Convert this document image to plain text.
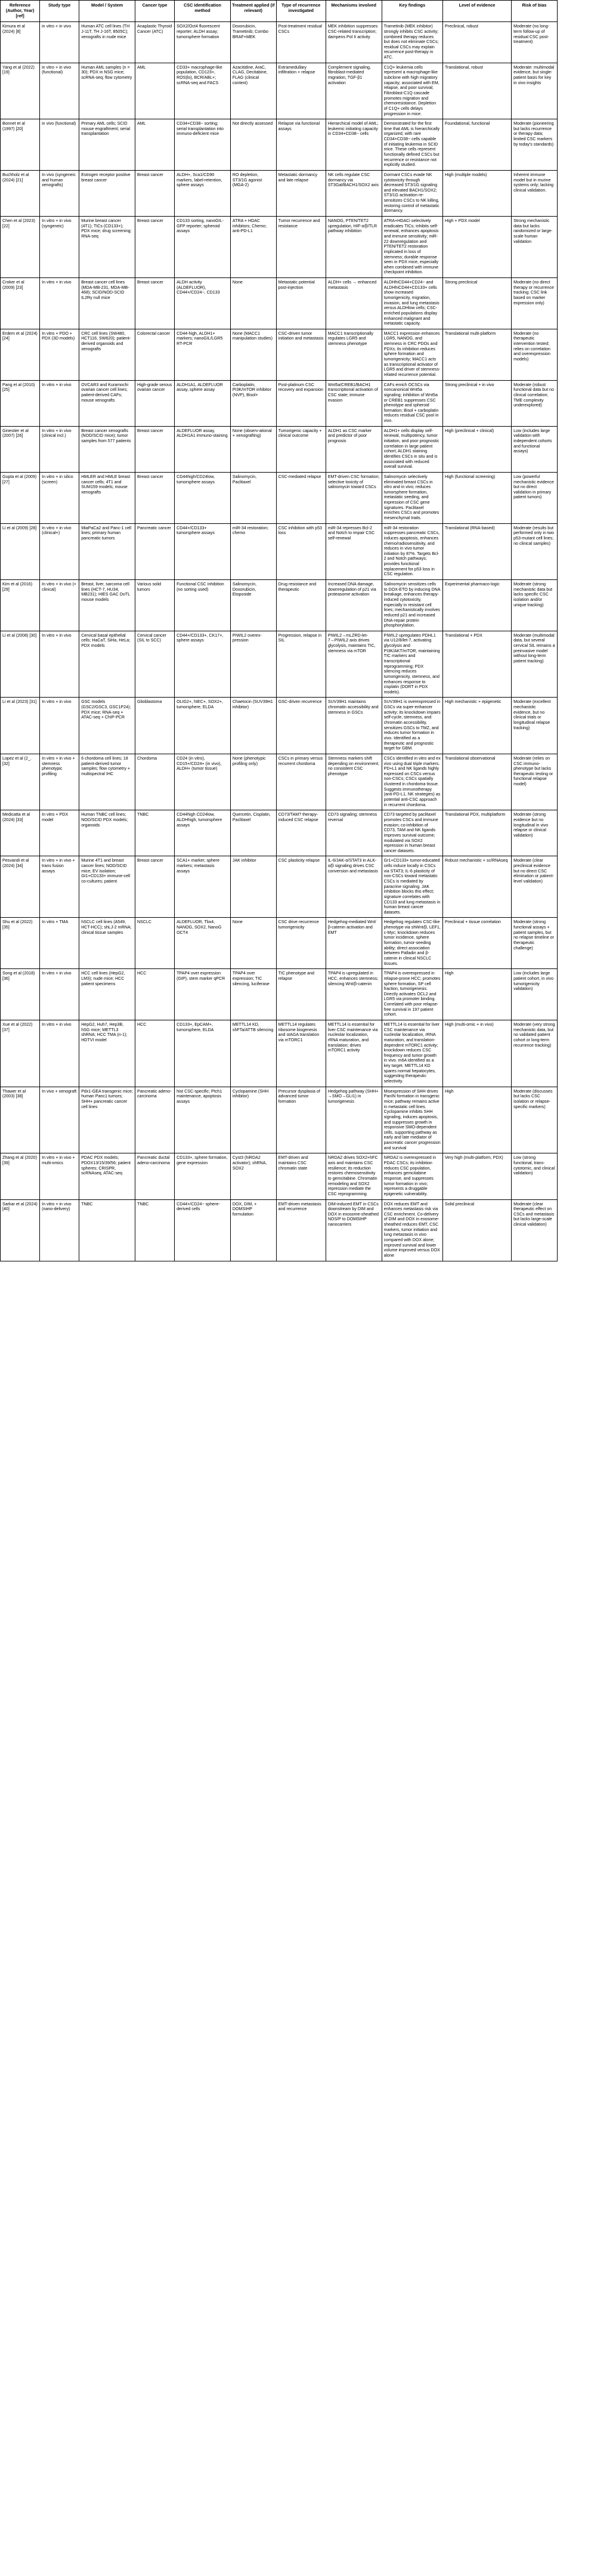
Reference (Author, Year) [ref]	Study type	Model / System	Cancer type	CSC identification method	Treatment applied (if relevant)	Type of recurrence investigated	Mechanisms involved	Key findings	Level of evidence	Risk of bias
Kimura et al (2024) [8]	in vitro + in vivo	Human ATC cell lines (TH J-11T, TH J-16T, 8505C); xenografts in nude mice	Anaplastic Thyroid Cancer (ATC)	SOX2/Oct4 fluorescent reporter; ALDH assay; tumorsphere formation	Doxorubicin, Trametinib; Combo BRAF+MEK	Post-treatment residual CSCs	MEK inhibition suppresses CSC-related transcription; dampens Pol II activity	Trametinib (MEK inhibitor) strongly inhibits CSC activity; combined therapy reduces but does not eliminate CSCs; residual CSCs may explain recurrence post-therapy in ATC.	Preclinical, robust	Moderate (no long-term follow-up of residual CSC post-treatment)
Yang et al (2022) [19]	in vitro + in vivo (functional)	Human AML samples (n = 30); PDX in NSG mice; scRNA-seq; flow cytometry	AML	CD33+ macrophage-like population, CD123+, ROS(lo), BCR/ABL+; scRNA-seq and FACS	Azacitidine, AraC, CLAG, Decitabine, FLAG (clinical context)	Extramedullary infiltration + relapse	Complement signaling, fibroblast-mediated migration, TGF-β1 activation	C1Q+ leukemia cells represent a macrophage-like subclone with high migratory capacity; associated with EM, relapse, and poor survival; Fibroblast-C1Q cascade promotes migration and chemoresistance. Depletion of C1Q+ cells delays progression in mice.	Translational, robust	Moderate: multimodal evidence, but single-patient basis for key in vivo insights
Bonnet et al (1997) [20]	in vivo (functional)	Primary AML cells; SCID mouse engraftment; serial transplantation	AML	CD34+CD38− sorting; serial transplantation into immuno-deficient mice	Not directly assessed	Relapse via functional assays	Hierarchical model of AML; leukemic initiating capacity in CD34+CD38− cells	Demonstrated for the first time that AML is hierarchically organized, with rare CD34+CD38− cells capable of initiating leukemia in SCID mice. These cells represent functionally defined CSCs but recurrence or resistance not explicitly studied.	Foundational, functional	Moderate (pioneering but lacks recurrence or therapy data; limited CSC markers by today's standards)
Buchholz et al (2024) [21]	In vivo (syngeneic and human xenografts)	Estrogen receptor positive breast cancer	Breast cancer	ALDH+, Sca1/CD90 markers, label-retention, sphere assays	RO depletion, ST3/1G agonist (MGA-2)	Metastatic dormancy and late relapse	NK cells regulate CSC dormancy via ST3Gal/BACH1/SOX2 axis	Dormant CSCs evade NK cytotoxicity through decreased ST3/1G signaling and elevated BACH1/SOX2; ST3/1G activation re-sensitizes CSCs to NK killing, restoring control of metastatic dormancy.	High (multiple models)	Inherent immune model but in murine systems only; lacking clinical validation.
Chen et al (2023) [22]	In vitro + in vivo (syngeneic)	Murine breast cancer (4T1); TICs (CD133+); PDX mice; drug screening; RNA-seq	Breast cancer	CD133 sorting, nanoGIL-GFP reporter; spheroid assays	ATRA + HDAC inhibitors; Chemo; anti-PD-L1	Tumor recurrence and resistance	NANOG, PTEN/TET2 upregulation, HIF-α/β/TLR pathway inhibition	ATRA+HDACi selectively eradicates TICs; inhibits self-renewal, enhances apoptosis and immune sensitivity; miR-22 downregulation and PTEN/TET2 restoration implicated in loss of stemness; durable response seen in PDX mice, especially when combined with immune checkpoint inhibition.	High + PDX model	Strong mechanistic data but lacks randomized or large-scale human validation
Croker et al (2009) [23]	In vitro + in vivo	Breast cancer cell lines (MDA-MB-231, MDA-MB-468); SCID/NOD-SCID IL2Rγ null mice	Breast cancer	ALDH activity (ALDEFLUOR), CD44+/CD24−, CD133	None	Metastatic potential post-injection	ALDH+ cells → enhanced metastasis	ALDHhiCD44+CD24− and ALDHhiCD44+CD133+ cells show increased tumorigenicity, migration, invasion, and lung metastasis versus ALDHlow cells; CSC-enriched populations display enhanced malignant and metastatic capacity.	Strong preclinical	Moderate (no direct therapy or recurrence tracking; CSC link based on marker expression only)
Erdem et al (2024) [24]	In vitro + PDO + PDX (3D models)	CRC cell lines (SW480, HCT116, SW620); patient-derived organoids and xenografts	Colorectal cancer	CD44-high, ALDH1+ markers; nanoGIL/LGR5 RT-PCR	None (MACC1 manipulation studies)	CSC-driven tumor initiation and metastasis	MACC1 transcriptionally regulates LGR5 and stemness phenotype	MACC1 expression enhances LGR5, NANOG, and stemness in CRC PDOs and PDXs; its inhibition reduces sphere formation and tumorigenicity; MACC1 acts as transcriptional activator of LGR5 and driver of stemness-related recurrence potential.	Translational multi-platform	Moderate (no therapeutic intervention tested; relies on correlation and overexpression models)
Pang et al (2010) [25]	In vitro + in vivo	OVCAR3 and Kuramochi ovarian cancer cell lines; patient-derived CAFs; mouse xenografts	High-grade serous ovarian cancer	ALDH1A1, ALDEFLUOR assay, sphere assay	Carboplatin, PI3K/mTOR inhibitor (NVP), Bisol+	Post-platinum CSC recovery and expansion	Wnt5a/CREB1/BACH1 transcriptional activation of CSC state; immune evasion	CAFs enrich OCSCs via noncanonical Wnt5a signaling; inhibition of Wnt5a or CREB1 suppresses CSC phenotype and spheroid formation; Bisol + carboplatin reduces residual CSC pool in vivo.	Strong preclinical + in vivo	Moderate (robust functional data but no clinical correlation; TME complexity underexplored)
Ginestier et al (2007) [26]	In vitro + in vivo (clinical incl.)	Breast cancer xenografts (NOD/SCID mice); tumor samples from 577 patients	Breast cancer	ALDEFLUOR assay, ALDH1A1 immuno-staining	None (observ-ational + xenografting)	Tumorigenic capacity + clinical outcome	ALDH1 as CSC marker and predictor of poor prognosis	ALDH1+ cells display self-renewal, multipotency, tumor initiation, and poor prognostic correlation in large patient cohort; ALDH1 staining identifies CSCs in situ and is associated with reduced overall survival.	High (preclinical + clinical)	Low (includes large validation with independent cohorts and functional assays)
Gupta et al (2009) [27]	In vitro + in silico (screen)	HMLER and HMLE breast cancer cells; 4T1 and SUM159 models; mouse xenografts	Breast cancer	CD44high/CD24low, tumorsphere assays	Salinomycin, Paclitaxel	CSC-mediated relapse	EMT-driven CSC formation; selective toxicity of salinomycin toward CSCs	Salinomycin selectively eliminated breast CSCs in vitro and in vivo; reduces tumorsphere formation, metastatic seeding, and expression of CSC gene signatures. Paclitaxel enriches CSCs and promotes mesenchymal traits.	High (functional screening)	Low (powerful mechanistic evidence but no direct validation in primary patient tumors)
Li et al (2009) [28]	In vitro + in vivo (clinical+)	MiaPaCa2 and Panc-1 cell lines; primary human pancreatic tumors	Pancreatic cancer	CD44+/CD133+ tumorsphere assays	miR-34 restoration; chemo	CSC inhibition with p53 loss	miR-34 represses Bcl-2 and Notch to impair CSC self-renewal	miR-34 restoration suppresses pancreatic CSCs, induces apoptosis, enhances chemo/radiosensitivity, and reduces in vivo tumor initiation by 87%. Targets Bcl-2 and Notch pathways; provides functional replacement for p53 loss in CSC regulation.	Translational (RNA-based)	Moderate (results but performed only in two p53-mutant cell lines; no clinical samples)
Kim et al (2016) [29]	In vitro + in vivo (+ clinical)	Breast, liver, sarcoma cell lines (HCT-7, HU34, MB231); HIES GAC DoTL mouse models	Various solid tumors	Functional CSC inhibition (no sorting used)	Salinomycin, Doxorubicin, Etoposide	Drug resistance and therapeutic	Increased DNA damage, downregulation of p21 via proteasome activation	Salinomycin sensitizes cells to DOX-ETO by inducing DNA breakage, enhances therapy-induced cytotoxicity, especially in resistant cell lines; mechanistically involves reduced p21 and increased DNA-repair protein phosphorylation.	Experimental pharmaco-logic	Moderate (strong mechanistic data but lacks specific CSC isolation and/or unique tracking)
Li et al (2008) [30]	In vitro + in vivo	Cervical basal epithelial cells; HaCaT, SiHa, HeLa; PDX models	Cervical cancer (SIL to SCC)	CD44+/CD133+, CK17+, sphere assays	PIWIL2 overex-pression	Progression, relapse in SIL	PIWIL2→mLZRD-let-7→PIWIL2 axis drives glycolysis, maintains TIC, stemness via mTOR	PIWIL2 upregulates PDHL1 via U12/8/let-7, activating glycolysis and PI3K/AKT/mTOR, maintaining TIC markers and transcriptional reprogramming; PDX silencing reduces tumorigenicity, stemness, and enhances response to cisplatin (DORT in PDX models).	Translational + PDX	Moderate (multimodal data, but several cervical SIL remains a preinvasive model without long-term patient tracking)
Li et al (2023) [31]	In vitro + in vivo	GSC models (GSC2/GSC3, GSC1P24); PDX mice; RNA-seq + ATAC-seq + ChIP-PCR	Glioblastoma	OLIG2+, hIEC+, SOX2+, tumorsphere, ELDA	Chaetocin (SUV39H1 inhibitor)	GSC-driven recurrence	SUV39H1 maintains chromatin accessibility and stemness in GSCs	SUV39H1 is overexpressed in GSCs via super-enhancer activity; its knockdown impairs self-cycle, stemness, and chromatin accessibility, sensitizes GSCs to TMZ, and reduces tumor formation in vivo. Identified as a therapeutic and prognostic target for GBM.	High mechanistic + epigenetic	Moderate (excellent mechanistic evidence, but no clinical trials or longitudinal relapse tracking)
Lopez et al (2_. [32]	In vitro + in vivo + stemness phenotypic profiling	6 chordoma cell lines; 18 patient-derived tumor samples; flow cytometry + multispectral IHC	Chordoma	CD24 (in vitro), CD15+/CD24+ (in vivo), ALDH+ (tumor tissue)	None (phenotypic profiling only)	CSCs in primary versus recurrent chordoma	Stemness markers shift depending on environment; no consistent CSC phenotype	CSCs identified in vitro and ex vivo using dual triple markers. PD+L1 and NK ligands highly expressed on CSCs versus non-CSCs; CSCs spatially clustered in chordoma tissue. Suggests immunotherapy (anti-PD-L1, NK strategies) as potential anti-CSC approach in recurrent chordoma.	Translational observational	Moderate (relies on CSC immuno-phenotype but lacks therapeutic testing or functional relapse model)
Medicatta et al (2024) [33]	In vitro + PDX model	Human TNBC cell lines; NOD/SCID PDX models; organoids	TNBC	CD44high CD24low, ALDHhigh, tumorsphere assays	Quercetin, Cisplatin, Paclitaxel	CD73/TAM? therapy-induced CSC relapse	CD73 signaling; stemness reversal	CD73 targeted by paclitaxel promotes CSCs and immune evasion; co-inhibition of CD73, TAM and NK ligands improves survival outcome; modulated via SOX2 repression in human breast cancer datasets.	Translational PDX, multiplatform	Moderate (strong evidence but no longitudinal in vivo relapse or clinical validation)
Pesvandi et al (2024) [34]	In vitro + in vivo + trans fusion assays	Murine 4T1 and breast cancer lines; NOD/SCID mice; EV isolation; GI1+CD133+ immune-cell co-cultures; patient	Breast cancer	SCA1+ marker, sphere markers; metastasis assays	JAK inhibitor	CSC plasticity relapse	IL-6/JAK-α/STAT3 in ALK-α/β signaling drives CSC conversion and metastasis	Gr1+CD133+ tumor-educated cells induce locally in CSCs via STAT3; IL-6 plasticity of non-CSCs toward metastatic CSCs is mediated by paracrine signaling. JAK inhibition blocks this effect; signature correlates with CD133 and lung metastasis in human breast cancer datasets.	Robust mechanistic + sc/RNAseq	Moderate (clear preclinical evidence but no direct CSC elimination or patient-level validation)
Shu et al (2022) [35]	In vitro + TMA	hSCLC cell lines (A549, HCT-HCC); shLJ-2 mRNA; clinical tissue samples	NSCLC	ALDEFLUOR, Tbx4, NANOG, SOX2, NanoG OCT4	None	CSC drive recurrence tumorigenicity	Hedgehog-mediated Wnt/β-catenin activation and EMT	Hedgehog regulates CSC-like phenotype via shWnt/β, LEF1, c-Myc; knockdown reduces tumor incidence, sphere formation, tumor-seeding ability; direct association between Palladin and β-catenin in clinical NSCLC tissues.	Preclinical + tissue correlation	Moderate (strong functional assays + patient samples, but no relapse timeline or therapeutic challenge)
Song et al (2018) [36]	In vitro + in vivo	HCC cell lines (HepG2, LM3); nude mice; HCC patient specimens	HCC	TPAP4 over expression (GIP), stem marker qPCR	TPAP4 over expression; TIC silencing, luciferase	TIC phenotype and relapse	TPAP4 is upregulated in HCC, enhances stemness; silencing Wnt/β-catenin	TPAP4 is overexpressed in relapse-prone HCC; promotes sphere formation, SP cell fraction, tumorigenesis. Directly activates OCL2 and LGR5 via promoter binding. Correlated with poor relapse-free survival in 197 patient cohort.	High	Low (includes large patient cohort, in vivo tumorigenicity validation)
Xue et al (2022) [37]	In vitro + in vivo	HepG2, Huh7, Hep3B, hSG mice; METTL3 shRNA; HCC TMA (n-1); HDTVI model	HCC	CD133+, EpCAM+, tumorsphere, ELDA	METTL14 KD, shFTa/ATTB silencing	METTL14 regulates ribosome biogenesis and stAGA translation via mTORC1	METTL14 is essential for liver CSC maintenance via nucleolar localization, rRNA maturation, and translation; drives mTORC1 activity	METTL14 is essential for liver CSC maintenance via nucleolar localization, rRNA maturation, and translation-dependent mTORC1 activity; knockdown reduces CSC frequency and tumor growth in vivo. m6A identified as a key target. METTL14 KD spares normal hepatocytes, suggesting therapeutic selectivity.	High (multi-omic + in vivo)	Moderate (very strong mechanistic data, but no validated patient cohort or long-term recurrence tracking)
Thawer et al (2003) [38]	In vivo + xenograft	Pdx1-GEA transgenic mice; human Panc1 tumors; SHH+ pancreatic cancer cell lines	Pancreatic adeno-carcinoma	hist CSC-specific; Ptch1 maintenance, apoptosis assays	Cyclopamine (SHH inhibitor)	Precursor dysplasia of advanced tumor formation	Hedgehog pathway (SHH+ →SMO→GLI1) in tumorigenesis	Misexpression of SHH drives PanIN formation in transgenic mice; pathway remains active in metastatic cell lines. Cyclopamine inhibits SHH signaling, induces apoptosis, and suppresses growth in responsive SMO-dependent cells, supporting pathway as early and late mediator of pancreatic cancer progression and survival	High	Moderate (discusses but lacks CSC isolation or relapse-specific markers)
Zhang et al (2020) [39]	In vitro + in vivo + multi-omics	PDAC PDX models; PDOX13/15/39/56; patient spheres; CRISPR, scRNAseq, ATAC-seq	Pancreatic ductal adeno-carcinoma	CD133+, sphere formation, gene expression	Cyst3 (hiRDA2 activator); shRNA, SOX2	EMT-driven and maintains CSC chromatin state	hiRDA2 drives SOX2+hFC axis and maintains CSC resilience; its reduction restores chemosensitivity to gemcitabine. Chromatin remodeling and SOX2 repression mediate the CSC reprogramming	hiRDA2 is overexpressed in PDAC CSCs; its inhibition reduces CSC population, enhances gemcitabine response, and suppresses tumor formation in vivo; represents a druggable epigenetic vulnerability.	Very high (multi-platform, PDX)	Low (strong functional, trans-cytotomic, and clinical validation)
Sarkar et al (2024) [40]	In vitro + in vivo (nano-delivery)	TNBC	TNBC	CD44+/CD24− sphere-derived cells	DOX, DIM, + DOMSIHP formulation	EMT-driven metastasis and recurrence	DIM-induced EMT in CSCs downstream by DIM and DOX in exosome-sheathed NOS/P to DOMSIHP nanocarriers	DOX reduces EMT and enhances metastasis risk via CSC enrichment. Co-delivery of DIM and DOX in exosome-sheathed reduces EMT, CSC markers, tumor initiation and lung metastasis in vivo compared with DOX alone; improved survival and lower volume improved versus DOX alone	Solid preclinical	Moderate (clear therapeutic effect on CSCs and metastasis but lacks large-scale clinical validation)
